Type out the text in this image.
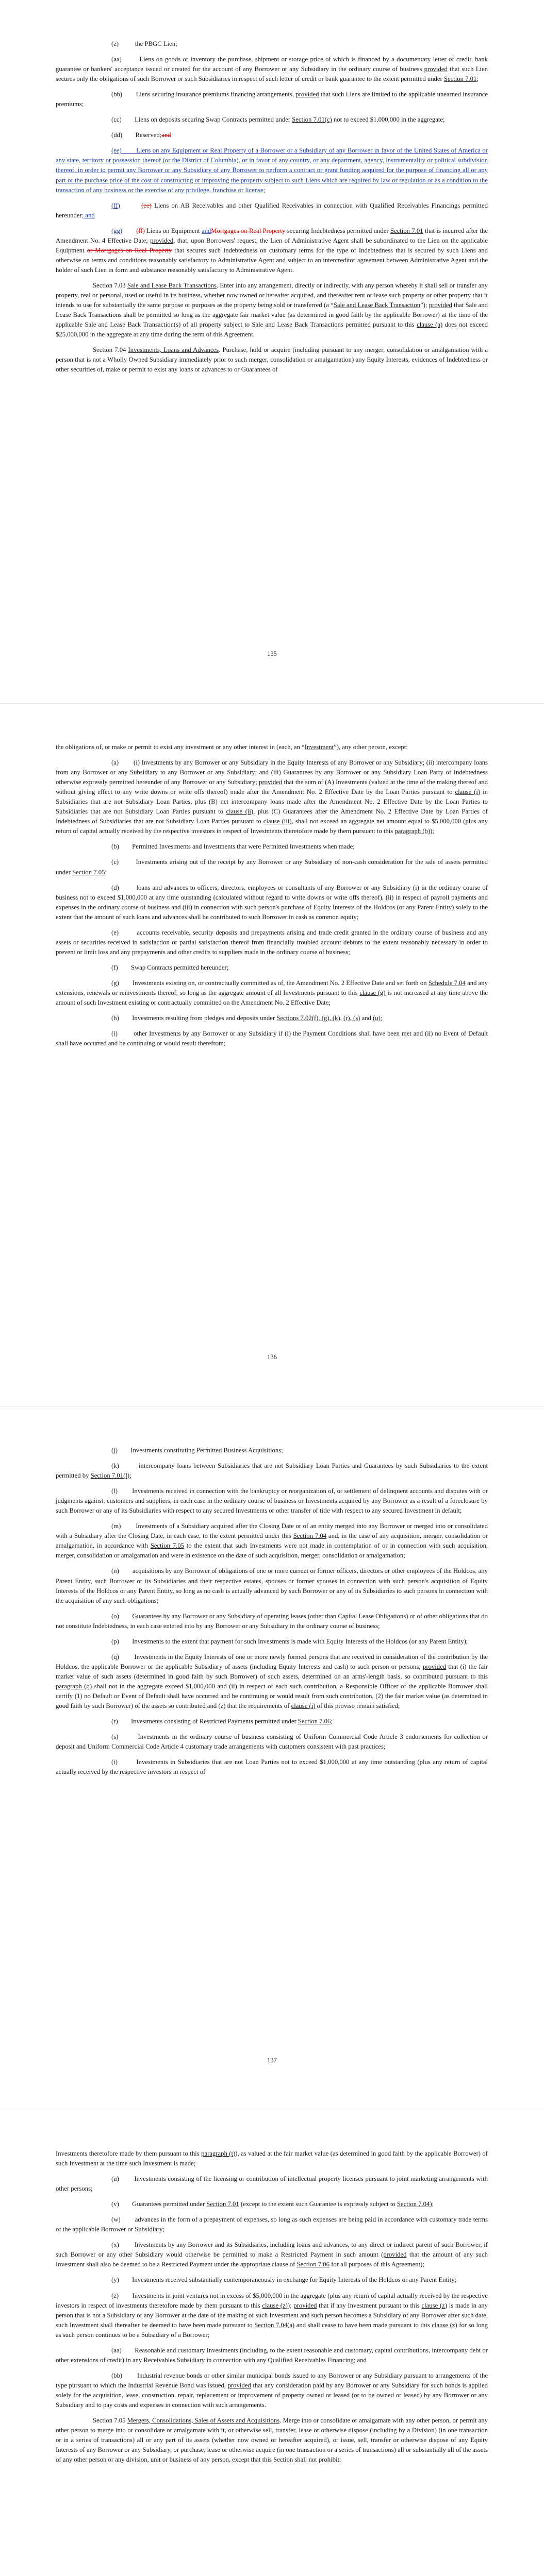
(z)          the PBGC Lien;

(aa)        Liens on goods or inventory the purchase, shipment or storage price of which is financed by a documentary letter of credit, bank guarantee or bankers' acceptance issued or created for the account of any Borrower or any Subsidiary in the ordinary course of business provided that such Lien secures only the obligations of such Borrower or such Subsidiaries in respect of such letter of credit or bank guarantee to the extent permitted under Section 7.01;

(bb)        Liens securing insurance premiums financing arrangements, provided that such Liens are limited to the applicable unearned insurance premiums;

(cc)        Liens on deposits securing Swap Contracts permitted under Section 7.01(c) not to exceed $1,000,000 in the aggregate;

(dd)        Reserved;and

(ee)        Liens on any Equipment or Real Property of a Borrower or a Subsidiary of any Borrower in favor of the United States of America or any state, territory or possession thereof (or the District of Columbia), or in favor of any country, or any department, agency, instrumentality or political subdivision thereof, in order to permit any Borrower or any Subsidiary of any Borrower to perform a contract or grant funding acquired for the purpose of financing all or any part of the purchase price of the cost of constructing or improving the property subject to such Liens which are required by law or regulation or as a condition to the transaction of any business or the exercise of any privilege, franchise or license;

(ff)	(ee) Liens on AB Receivables and other Qualified Receivables in connection with Qualified Receivables Financings permitted hereunder; and

(gg) (ff) Liens on Equipment andMortgages on Real Property securing Indebtedness permitted under Section 7.01 that is incurred after the Amendment No. 4 Effective Date; provided, that, upon Borrowers' request, the Lien of Administrative Agent shall be subordinated to the Lien on the applicable Equipment or Mortgages on Real Property that secures such Indebtedness on customary terms for the type of Indebtedness that is secured by such Liens and otherwise on terms and conditions reasonably satisfactory to Administrative Agent and subject to an intercreditor agreement between Administrative Agent and the holder of such Lien in form and substance reasonably satisfactory to Administrative Agent.

Section 7.03 Sale and Lease Back Transactions. Enter into any arrangement, directly or indirectly, with any person whereby it shall sell or transfer any property, real or personal, used or useful in its business, whether now owned or hereafter acquired, and thereafter rent or lease such property or other property that it intends to use for substantially the same purpose or purposes as the property being sold or transferred (a “Sale and Lease Back Transaction”); provided that Sale and Lease Back Transactions shall be permitted so long as the aggregate fair market value (as determined in good faith by the applicable Borrower) at the time of the applicable Sale and Lease Back Transaction(s) of all property subject to Sale and Lease Back Transactions permitted pursuant to this clause (a) does not exceed $25,000,000 in the aggregate at any time during the term of this Agreement.

Section 7.04 Investments, Loans and Advances. Purchase, hold or acquire (including pursuant to any merger, consolidation or amalgamation with a person that is not a Wholly Owned Subsidiary immediately prior to such merger, consolidation or amalgamation) any Equity Interests, evidences of Indebtedness or other securities of, make or permit to exist any loans or advances to or Guarantees of

135

the obligations of, or make or permit to exist any investment or any other interest in (each, an “Investment”), any other person, except:

(a)        (i) Investments by any Borrower or any Subsidiary in the Equity Interests of any Borrower or any Subsidiary; (ii) intercompany loans from any Borrower or any Subsidiary to any Borrower or any Subsidiary; and (iii) Guarantees by any Borrower or any Subsidiary Loan Party of Indebtedness otherwise expressly permitted hereunder of any Borrower or any Subsidiary; provided that the sum of (A) Investments (valued at the time of the making thereof and without giving effect to any write downs or write offs thereof) made after the Amendment No. 2 Effective Date by the Loan Parties pursuant to clause (i) in Subsidiaries that are not Subsidiary Loan Parties, plus (B) net intercompany loans made after the Amendment No. 2 Effective Date by the Loan Parties to Subsidiaries that are not Subsidiary Loan Parties pursuant to clause (ii), plus (C) Guarantees after the Amendment No. 2 Effective Date by Loan Parties of Indebtedness of Subsidiaries that are not Subsidiary Loan Parties pursuant to clause (iii), shall not exceed an aggregate net amount equal to $5,000,000 (plus any return of capital actually received by the respective investors in respect of Investments theretofore made by them pursuant to this paragraph (b));

(b)        Permitted Investments and Investments that were Permitted Investments when made;

(c)        Investments arising out of the receipt by any Borrower or any Subsidiary of non-cash consideration for the sale of assets permitted under Section 7.05;

(d)        loans and advances to officers, directors, employees or consultants of any Borrower or any Subsidiary (i) in the ordinary course of business not to exceed $1,000,000 at any time outstanding (calculated without regard to write downs or write offs thereof), (ii) in respect of payroll payments and expenses in the ordinary course of business and (iii) in connection with such person's purchase of Equity Interests of the Holdcos (or any Parent Entity) solely to the extent that the amount of such loans and advances shall be contributed to such Borrower in cash as common equity;

(e)        accounts receivable, security deposits and prepayments arising and trade credit granted in the ordinary course of business and any assets or securities received in satisfaction or partial satisfaction thereof from financially troubled account debtors to the extent reasonably necessary in order to prevent or limit loss and any prepayments and other credits to suppliers made in the ordinary course of business;

(f)        Swap Contracts permitted hereunder;

(g)        Investments existing on, or contractually committed as of, the Amendment No. 2 Effective Date and set forth on Schedule 7.04 and any extensions, renewals or reinvestments thereof, so long as the aggregate amount of all Investments pursuant to this clause (g) is not increased at any time above the amount of such Investment existing or contractually committed on the Amendment No. 2 Effective Date;

(h)        Investments resulting from pledges and deposits under Sections 7.02(f), (g), (k), (r), (s) and (u);

(i)        other Investments by any Borrower or any Subsidiary if (i) the Payment Conditions shall have been met and (ii) no Event of Default shall have occurred and be continuing or would result therefrom;

136

(j)        Investments constituting Permitted Business Acquisitions;

(k)        intercompany loans between Subsidiaries that are not Subsidiary Loan Parties and Guarantees by such Subsidiaries to the extent permitted by Section 7.01(l);

(l)        Investments received in connection with the bankruptcy or reorganization of, or settlement of delinquent accounts and disputes with or judgments against, customers and suppliers, in each case in the ordinary course of business or Investments acquired by any Borrower as a result of a foreclosure by such Borrower or any of its Subsidiaries with respect to any secured Investments or other transfer of title with respect to any secured Investment in default;

(m)        Investments of a Subsidiary acquired after the Closing Date or of an entity merged into any Borrower or merged into or consolidated with a Subsidiary after the Closing Date, in each case, to the extent permitted under this Section 7.04 and, in the case of any acquisition, merger, consolidation or amalgamation, in accordance with Section 7.05 to the extent that such Investments were not made in contemplation of or in connection with such acquisition, merger, consolidation or amalgamation and were in existence on the date of such acquisition, merger, consolidation or amalgamation;

(n)        acquisitions by any Borrower of obligations of one or more current or former officers, directors or other employees of the Holdcos, any Parent Entity, such Borrower or its Subsidiaries and their respective estates, spouses or former spouses in connection with such person's acquisition of Equity Interests of the Holdcos or any Parent Entity, so long as no cash is actually advanced by such Borrower or any of its Subsidiaries to such persons in connection with the acquisition of any such obligations;

(o)        Guarantees by any Borrower or any Subsidiary of operating leases (other than Capital Lease Obligations) or of other obligations that do not constitute Indebtedness, in each case entered into by any Borrower or any Subsidiary in the ordinary course of business;

(p)        Investments to the extent that payment for such Investments is made with Equity Interests of the Holdcos (or any Parent Entity);

(q)        Investments in the Equity Interests of one or more newly formed persons that are received in consideration of the contribution by the Holdcos, the applicable Borrower or the applicable Subsidiary of assets (including Equity Interests and cash) to such person or persons; provided that (i) the fair market value of such assets (determined in good faith by such Borrower) of such assets, determined on an arms'-length basis, so contributed pursuant to this paragraph (q) shall not in the aggregate exceed $1,000,000 and (ii) in respect of each such contribution, a Responsible Officer of the applicable Borrower shall certify (1) no Default or Event of Default shall have occurred and be continuing or would result from such contribution, (2) the fair market value (as determined in good faith by such Borrower) of the assets so contributed and (z) that the requirements of clause (i) of this proviso remain satisfied;

(r)        Investments consisting of Restricted Payments permitted under Section 7.06;

(s)        Investments in the ordinary course of business consisting of Uniform Commercial Code Article 3 endorsements for collection or deposit and Uniform Commercial Code Article 4 customary trade arrangements with customers consistent with past practices;

(t)        Investments in Subsidiaries that are not Loan Parties not to exceed $1,000,000 at any time outstanding (plus any return of capital actually received by the respective investors in respect of

137

Investments theretofore made by them pursuant to this paragraph (t)), as valued at the fair market value (as determined in good faith by the applicable Borrower) of such Investment at the time such Investment is made;

(u)        Investments consisting of the licensing or contribution of intellectual property licenses pursuant to joint marketing arrangements with other persons;

(v)        Guarantees permitted under Section 7.01 (except to the extent such Guarantee is expressly subject to Section 7.04);

(w)        advances in the form of a prepayment of expenses, so long as such expenses are being paid in accordance with customary trade terms of the applicable Borrower or Subsidiary;

(x)        Investments by any Borrower and its Subsidiaries, including loans and advances, to any direct or indirect parent of such Borrower, if such Borrower or any other Subsidiary would otherwise be permitted to make a Restricted Payment in such amount (provided that the amount of any such Investment shall also be deemed to be a Restricted Payment under the appropriate clause of Section 7.06 for all purposes of this Agreement);

(y)        Investments received substantially contemporaneously in exchange for Equity Interests of the Holdcos or any Parent Entity;

(z)        Investments in joint ventures not in excess of $5,000,000 in the aggregate (plus any return of capital actually received by the respective investors in respect of investments theretofore made by them pursuant to this clause (z)); provided that if any Investment pursuant to this clause (z) is made in any person that is not a Subsidiary of any Borrower at the date of the making of such Investment and such person becomes a Subsidiary of any Borrower after such date, such Investment shall thereafter be deemed to have been made pursuant to Section 7.04(a) and shall cease to have been made pursuant to this clause (z) for so long as such person continues to be a Subsidiary of a Borrower;

(aa)        Reasonable and customary Investments (including, to the extent reasonable and customary, capital contributions, intercompany debt or other extensions of credit) in any Receivables Subsidiary in connection with any Qualified Receivables Financing; and

(bb)        Industrial revenue bonds or other similar municipal bonds issued to any Borrower or any Subsidiary pursuant to arrangements of the type pursuant to which the Industrial Revenue Bond was issued, provided that any consideration paid by any Borrower or any Subsidiary for such bonds is applied solely for the acquisition, lease, construction, repair, replacement or improvement of property owned or leased (or to be owned or leased) by any Borrower or any Subsidiary and to pay costs and expenses in connection with such arrangements.

Section 7.05 Mergers, Consolidations, Sales of Assets and Acquisitions. Merge into or consolidate or amalgamate with any other person, or permit any other person to merge into or consolidate or amalgamate with it, or otherwise sell, transfer, lease or otherwise dispose (including by a Division) (in one transaction or in a series of transactions) all or any part of its assets (whether now owned or hereafter acquired), or issue, sell, transfer or otherwise dispose of any Equity Interests of any Borrower or any Subsidiary, or purchase, lease or otherwise acquire (in one transaction or a series of transactions) all or substantially all of the assets of any other person or any division, unit or business of any person, except that this Section shall not prohibit:
